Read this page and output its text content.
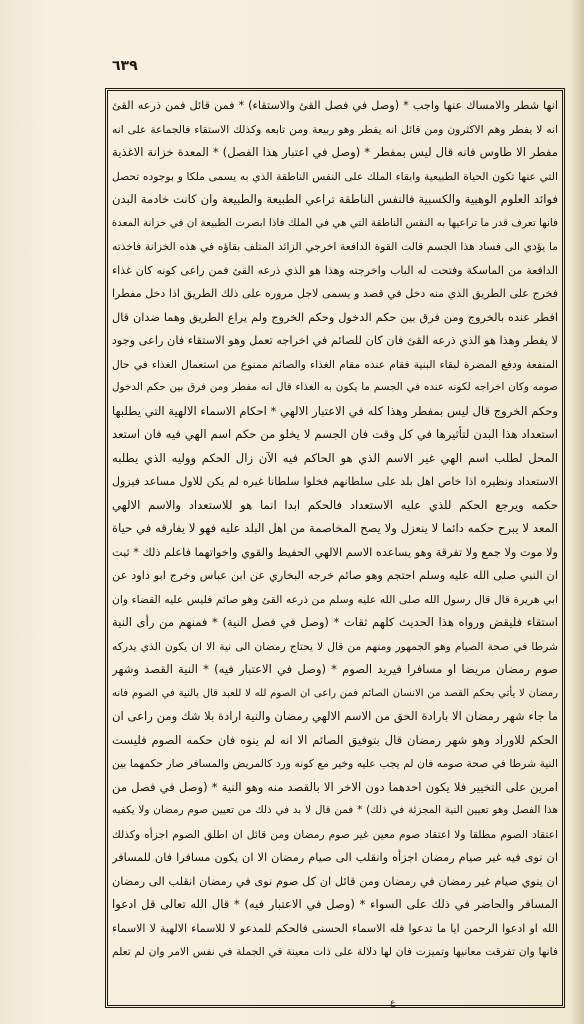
٦٣٩
انها شطر والامساك عنها واجب * (وصل في فصل القئ والاستقاء) * فمن قائل فمن ذرعه القئ
انه لا يفطر وهم الاكثرون ومن قائل انه يفطر وهو ربيعة ومن تابعه وكذلك الاستقاء فالجماعة على انه
مفطر الا طاوس فانه قال ليس بمفطر * (وصل في اعتبار هذا الفصل) * المعدة خزانة الاغذية
التي عنها تكون الحياة الطبيعية وابقاء الملك على النفس الناطقة الذي به يسمى ملكا و بوجوده تحصل
فوائد العلوم الوهبية والكسبية فالنفس الناطقة تراعي الطبيعة والطبيعة وان كانت خادمة البدن
فانها تعرف قدر ما تراعيها به النفس الناطقة التي هي في الملك فاذا ابصرت الطبيعة ان في خزانة المعدة
ما يؤدي الى فساد هذا الجسم قالت القوة الدافعة اخرجي الزائد المتلف بقاؤه في هذه الخزانة فاخذته
الدافعة من الماسكة وفتحت له الباب واخرجته وهذا هو الذي ذرعه القئ فمن راعى كونه كان غذاء
فخرج على الطريق الذي منه دخل في قصد و يسمى لاجل مروره على ذلك الطريق اذا دخل مفطرا
افطر عنده بالخروج ومن فرق بين حكم الدخول وحكم الخروج ولم يراع الطريق وهما ضدان قال
لا يفطر وهذا هو الذي ذرعه القئ فان كان للصائم في اخراجه تعمل وهو الاستقاء فان راعى وجود
المنفعة ودفع المضرة لبقاء البنية فقام عنده مقام الغذاء والصائم ممنوع من استعمال الغذاء في حال
صومه وكان اخراجه لكونه عنده في الجسم ما يكون به الغذاء قال انه مفطر ومن فرق بين حكم الدخول
وحكم الخروج قال ليس بمفطر وهذا كله في الاعتبار الالهي * احكام الاسماء الالهية التي يطلبها
استعداد هذا البدن لتأثيرها في كل وقت فان الجسم لا يخلو من حكم اسم الهي فيه فان استعد
المحل لطلب اسم الهي غير الاسم الذي هو الحاكم فيه الآن زال الحكم ووليه الذي يطلبه
الاستعداد ونظيره اذا خاص اهل بلد على سلطانهم فخلوا سلطانا غيره لم يكن للاول مساعد فيزول
حكمه ويرجع الحكم للذي عليه الاستعداد فالحكم ابدا انما هو للاستعداد والاسم الالهي
المعد لا يبرح حكمه دائما لا ينعزل ولا يصح المخاصمة من اهل البلد عليه فهو لا يفارقه في حياة
ولا موت ولا جمع ولا تفرقة وهو يساعده الاسم الالهي الحفيظ والقوي واخواتهما فاعلم ذلك * ثبت
ان النبي صلى الله عليه وسلم احتجم وهو صائم خرجه البخاري عن ابن عباس وخرج ابو داود عن
ابي هريرة قال قال رسول الله صلى الله عليه وسلم من ذرعه القئ وهو صائم فليس عليه القضاء وان
استقاء فليقض ورواه هذا الحديث كلهم ثقات * (وصل في فصل النية) * فمنهم من رأى النية
شرطا في صحة الصيام وهو الجمهور ومنهم من قال لا يحتاج رمضان الى نية الا ان يكون الذي يدركه
صوم رمضان مريضا او مسافرا فيريد الصوم * (وصل في الاعتبار فيه) * النية القصد وشهر
رمضان لا يأتي بحكم القصد من الانسان الصائم فمن راعى ان الصوم لله لا للعبد قال بالنية في الصوم فانه
ما جاء شهر رمضان الا بارادة الحق من الاسم الالهي رمضان والنية ارادة بلا شك ومن راعى ان
الحكم للاوراد وهو شهر رمضان قال بتوفيق الصائم الا انه لم ينوه فان حكمه الصوم فليست
النية شرطا في صحة صومه فان لم يجب عليه وخير مع كونه ورد كالمريض والمسافر صار حكمهما بين
امرين على التخيير فلا يكون احدهما دون الاخر الا بالقصد منه وهو النية * (وصل في فصل من
هذا الفصل وهو تعيين النية المجزئة في ذلك) * فمن قال لا بد في ذلك من تعيين صوم رمضان ولا يكفيه
اعتقاد الصوم مطلقا ولا اعتقاد صوم معين غير صوم رمضان ومن قائل ان اطلق الصوم اجزأه وكذلك
ان نوى فيه غير صيام رمضان اجزأه وانقلب الى صيام رمضان الا ان يكون مسافرا فان للمسافر
ان ينوي صيام غير رمضان في رمضان ومن قائل ان كل صوم نوى في رمضان انقلب الى رمضان
المسافر والحاضر في ذلك على السواء * (وصل في الاعتبار فيه) * قال الله تعالى قل ادعوا
الله او ادعوا الرحمن ايا ما تدعوا فله الاسماء الحسنى فالحكم للمدعو لا للاسماء الالهية لا الاسماء
فانها وان تفرقت معانيها وتميزت فان لها دلالة على ذات معينة في الجملة في نفس الامر وان لم تعلم
ع
